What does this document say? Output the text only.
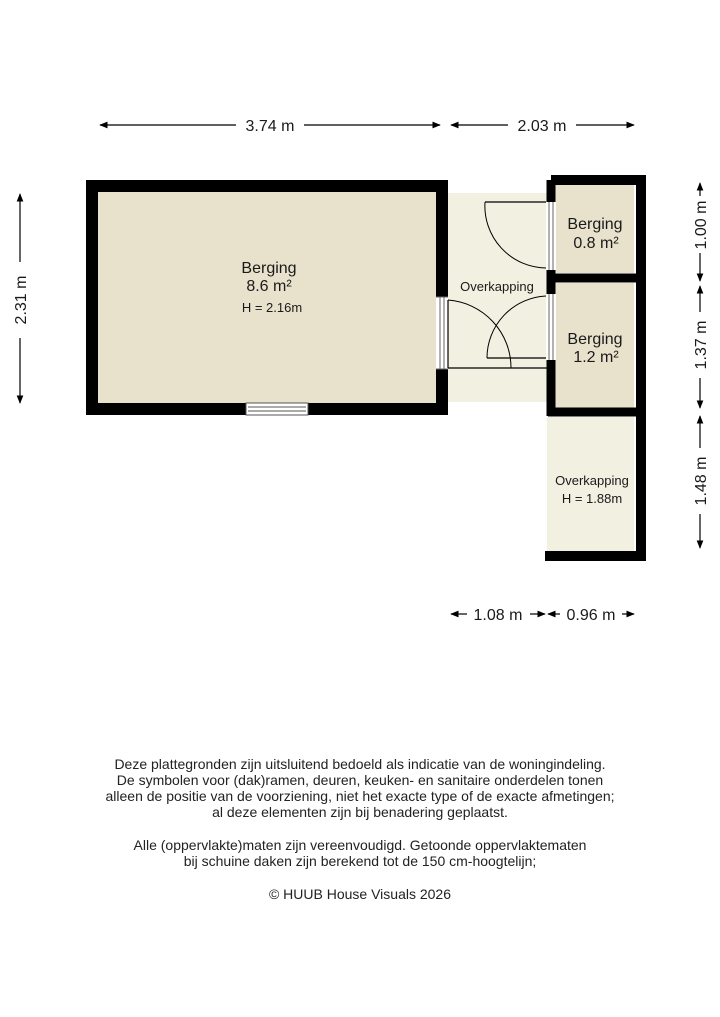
Berging
8.6 m²
H = 2.16m
Overkapping
Berging
0.8 m²
Berging
1.2 m²
Overkapping
H = 1.88m
3.74 m	2.03 m
2.31 m
1.00 m
1.37 m
1.48 m
1.08 m	0.96 m
Deze plattegronden zijn uitsluitend bedoeld als indicatie van de woningindeling.
De symbolen voor (dak)ramen, deuren, keuken- en sanitaire onderdelen tonen
alleen de positie van de voorziening, niet het exacte type of de exacte afmetingen;
al deze elementen zijn bij benadering geplaatst.
Alle (oppervlakte)maten zijn vereenvoudigd. Getoonde oppervlaktematen
bij schuine daken zijn berekend tot de 150 cm-hoogtelijn;
© HUUB House Visuals 2026
